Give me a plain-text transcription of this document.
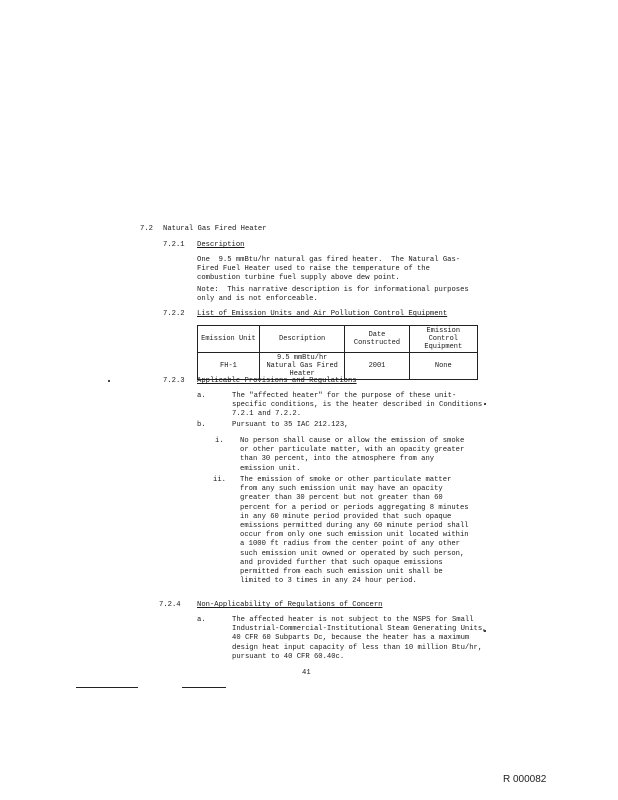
7.2 Natural Gas Fired Heater
7.2.1 Description
One  9.5 mmBtu/hr natural gas fired heater.  The Natural Gas-
Fired Fuel Heater used to raise the temperature of the
combustion turbine fuel supply above dew point.
Note:  This narrative description is for informational purposes
only and is not enforceable.
7.2.2 List of Emission Units and Air Pollution Control Equipment
Emission Unit	Description	Date Constructed	Emission Control Equipment
FH-1	9.5 mmBtu/hr Natural Gas Fired Heater	2001	None
7.2.3 Applicable Provisions and Regulations
a.	The "affected heater" for the purpose of these unit-
specific conditions, is the heater described in Conditions
7.2.1 and 7.2.2.
b.	Pursuant to 35 IAC 212.123,
i. No person shall cause or allow the emission of smoke
or other particulate matter, with an opacity greater
than 30 percent, into the atmosphere from any
emission unit.
ii. The emission of smoke or other particulate matter
from any such emission unit may have an opacity
greater than 30 percent but not greater than 60
percent for a period or periods aggregating 8 minutes
in any 60 minute period provided that such opaque
emissions permitted during any 60 minute period shall
occur from only one such emission unit located within
a 1000 ft radius from the center point of any other
such emission unit owned or operated by such person,
and provided further that such opaque emissions
permitted from each such emission unit shall be
limited to 3 times in any 24 hour period.
7.2.4 Non-Applicability of Regulations of Concern
a.	The affected heater is not subject to the NSPS for Small
Industrial-Commercial-Institutional Steam Generating Units,
40 CFR 60 Subparts Dc, because the heater has a maximum
design heat input capacity of less than 10 million Btu/hr,
pursuant to 40 CFR 60.40c.
41
R 000082
